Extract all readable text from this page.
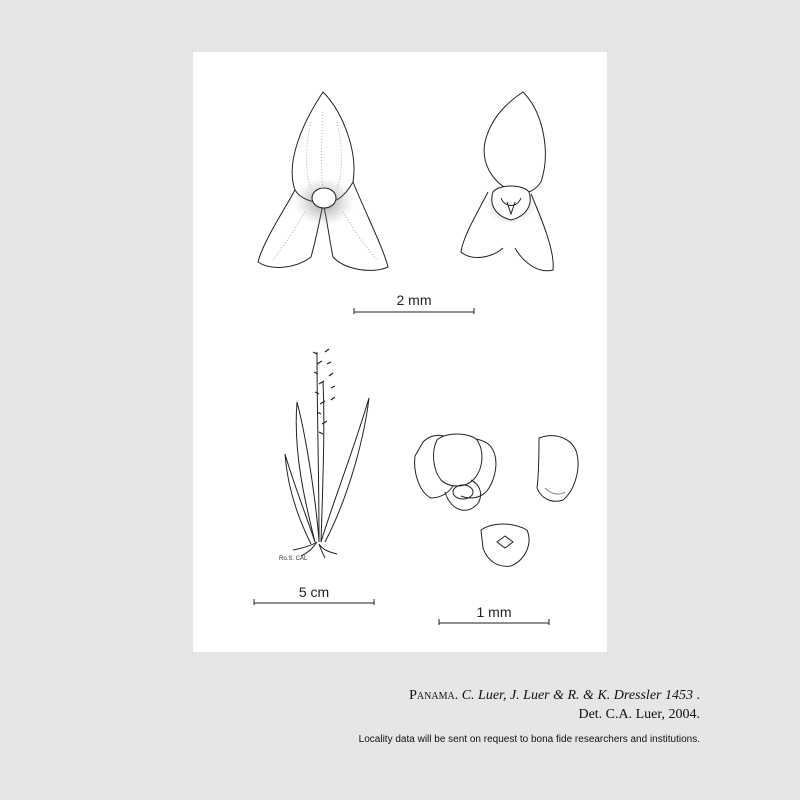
Ro.S. CAL
2 mm
5 cm
1 mm
Panama. C. Luer, J. Luer & R. & K. Dressler 1453 .
Det. C.A. Luer, 2004.
Locality data will be sent on request to bona fide researchers and institutions.
